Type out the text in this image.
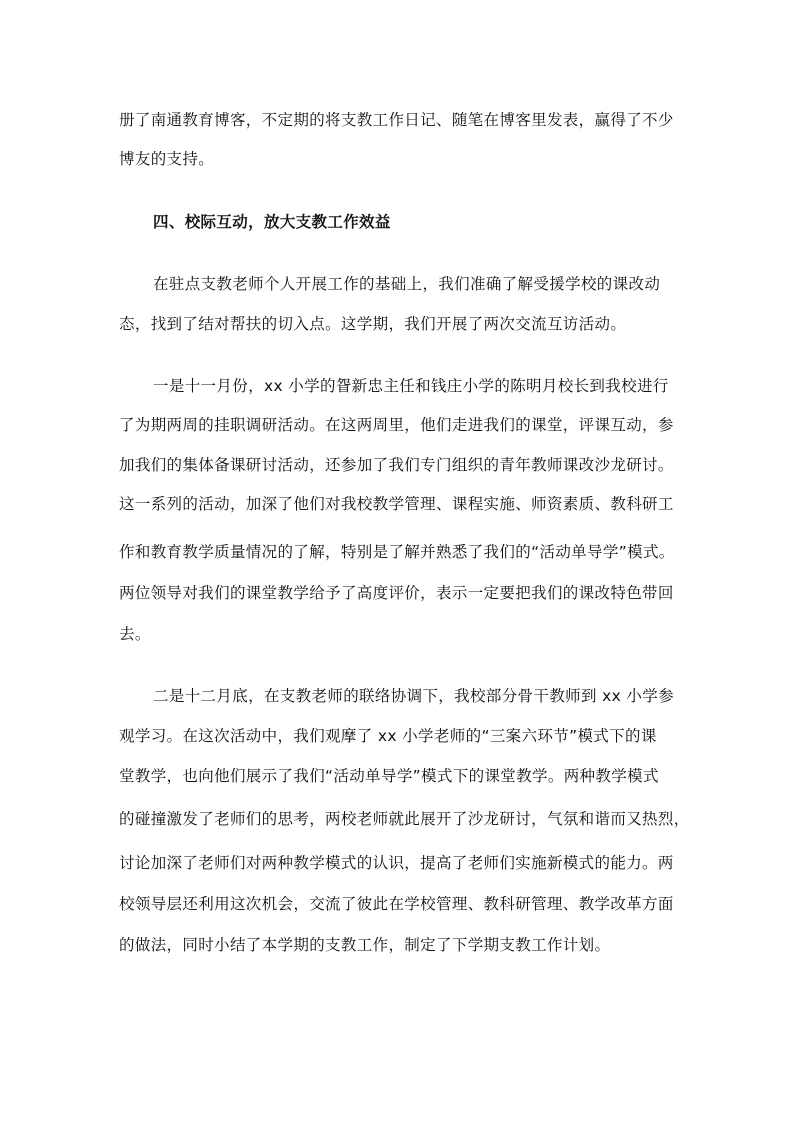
册了南通教育博客，不定期的将支教工作日记、随笔在博客里发表，赢得了不少
博友的支持。
四、校际互动，放大支教工作效益
在驻点支教老师个人开展工作的基础上，我们准确了解受援学校的课改动
态，找到了结对帮扶的切入点。这学期，我们开展了两次交流互访活动。
一是十一月份，xx 小学的眢新忠主任和钱庄小学的陈明月校长到我校进行
了为期两周的挂职调研活动。在这两周里，他们走进我们的课堂，评课互动，参
加我们的集体备课研讨活动，还参加了我们专门组织的青年教师课改沙龙研讨。
这一系列的活动，加深了他们对我校教学管理、课程实施、师资素质、教科研工
作和教育教学质量情况的了解，特别是了解并熟悉了我们的“活动单导学”模式。
两位领导对我们的课堂教学给予了高度评价，表示一定要把我们的课改特色带回
去。
二是十二月底，在支教老师的联络协调下，我校部分骨干教师到 xx 小学参
观学习。在这次活动中，我们观摩了 xx 小学老师的“三案六环节”模式下的课
堂教学，也向他们展示了我们“活动单导学”模式下的课堂教学。两种教学模式
的碰撞激发了老师们的思考，两校老师就此展开了沙龙研讨，气氛和谐而又热烈，
讨论加深了老师们对两种教学模式的认识，提高了老师们实施新模式的能力。两
校领导层还利用这次机会，交流了彼此在学校管理、教科研管理、教学改革方面
的做法，同时小结了本学期的支教工作，制定了下学期支教工作计划。
